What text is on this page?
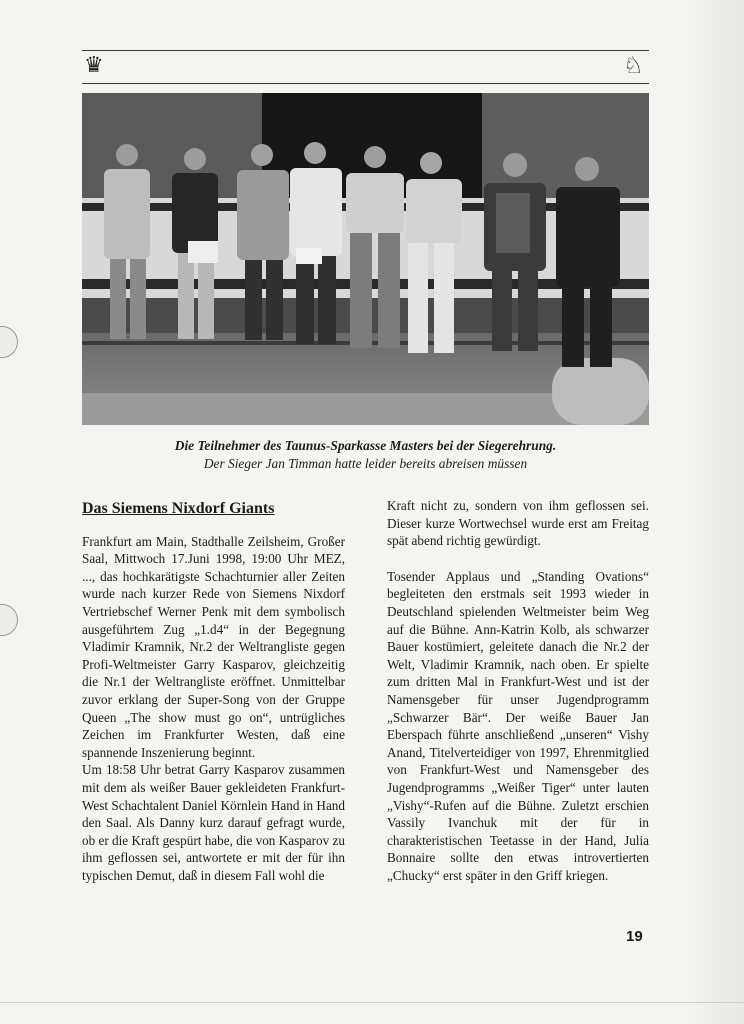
♛	♘
Die Teilnehmer des Taunus-Sparkasse Masters bei der Siegerehrung.
Der Sieger Jan Timman hatte leider bereits abreisen müssen
Das Siemens Nixdorf Giants

Frankfurt am Main, Stadthalle Zeilsheim, Großer Saal, Mittwoch 17.Juni 1998, 19:00 Uhr MEZ, ..., das hochkarätigste Schachturnier aller Zeiten wurde nach kurzer Rede von Siemens Nixdorf Vertriebschef Werner Penk mit dem symbolisch ausgeführtem Zug „1.d4“ in der Begegnung Vladimir Kramnik, Nr.2 der Weltrangliste gegen Profi-Weltmeister Garry Kasparov, gleichzeitig die Nr.1 der Weltrangliste eröffnet. Unmittelbar zuvor erklang der Super-Song von der Gruppe Queen „The show must go on“, untrügliches Zeichen im Frankfurter Westen, daß eine spannende Inszenierung beginnt.

Um 18:58 Uhr betrat Garry Kasparov zusammen mit dem als weißer Bauer gekleideten Frankfurt-West Schachtalent Daniel Körnlein Hand in Hand den Saal. Als Danny kurz darauf gefragt wurde, ob er die Kraft gespürt habe, die von Kasparov zu ihm geflossen sei, antwortete er mit der für ihn typischen Demut, daß in diesem Fall wohl die

Kraft nicht zu, sondern von ihm geflossen sei. Dieser kurze Wortwechsel wurde erst am Freitag spät abend richtig gewürdigt.

Tosender Applaus und „Standing Ovations“ begleiteten den erstmals seit 1993 wieder in Deutschland spielenden Weltmeister beim Weg auf die Bühne. Ann-Katrin Kolb, als schwarzer Bauer kostümiert, geleitete danach die Nr.2 der Welt, Vladimir Kramnik, nach oben. Er spielte zum dritten Mal in Frankfurt-West und ist der Namensgeber für unser Jugendprogramm „Schwarzer Bär“. Der weiße Bauer Jan Eberspach führte anschließend „unseren“ Vishy Anand, Titelverteidiger von 1997, Ehrenmitglied von Frankfurt-West und Namensgeber des Jugendprogramms „Weißer Tiger“ unter lauten „Vishy“-Rufen auf die Bühne. Zuletzt erschien Vassily Ivanchuk mit der für in charakteristischen Teetasse in der Hand, Julia Bonnaire sollte den etwas introvertierten „Chucky“ erst später in den Griff kriegen.

19
